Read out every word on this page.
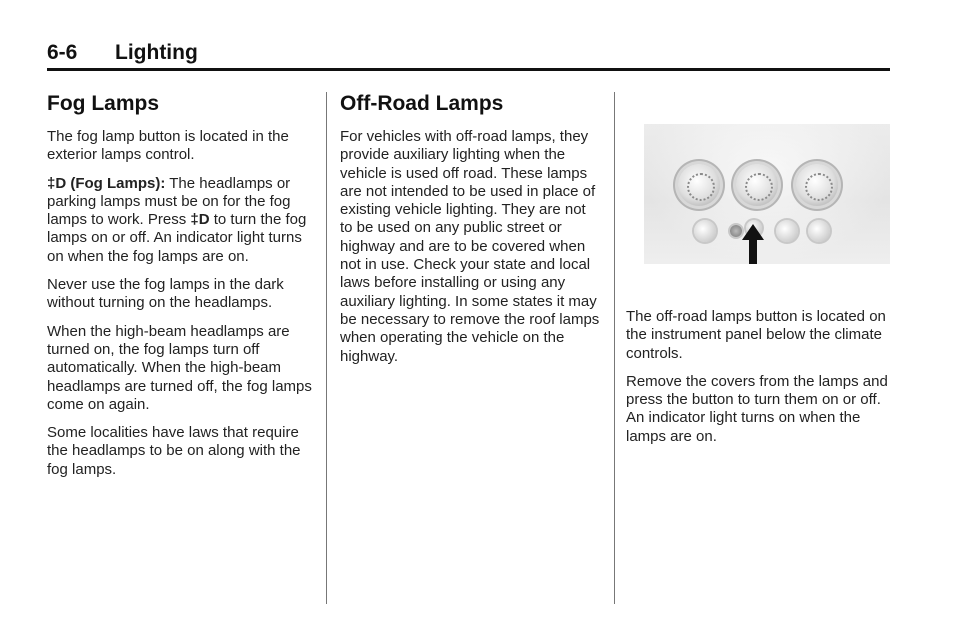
6-6 Lighting
Fog Lamps

The fog lamp button is located in the exterior lamps control.

‡D (Fog Lamps): The headlamps or parking lamps must be on for the fog lamps to work. Press ‡D to turn the fog lamps on or off. An indicator light turns on when the fog lamps are on.

Never use the fog lamps in the dark without turning on the headlamps.

When the high-beam headlamps are turned on, the fog lamps turn off automatically. When the high-beam headlamps are turned off, the fog lamps come on again.

Some localities have laws that require the headlamps to be on along with the fog lamps.

Off-Road Lamps

For vehicles with off-road lamps, they provide auxiliary lighting when the vehicle is used off road. These lamps are not intended to be used in place of existing vehicle lighting. They are not to be used on any public street or highway and are to be covered when not in use. Check your state and local laws before installing or using any auxiliary lighting. In some states it may be necessary to remove the roof lamps when operating the vehicle on the highway.

The off-road lamps button is located on the instrument panel below the climate controls.

Remove the covers from the lamps and press the button to turn them on or off. An indicator light turns on when the lamps are on.
